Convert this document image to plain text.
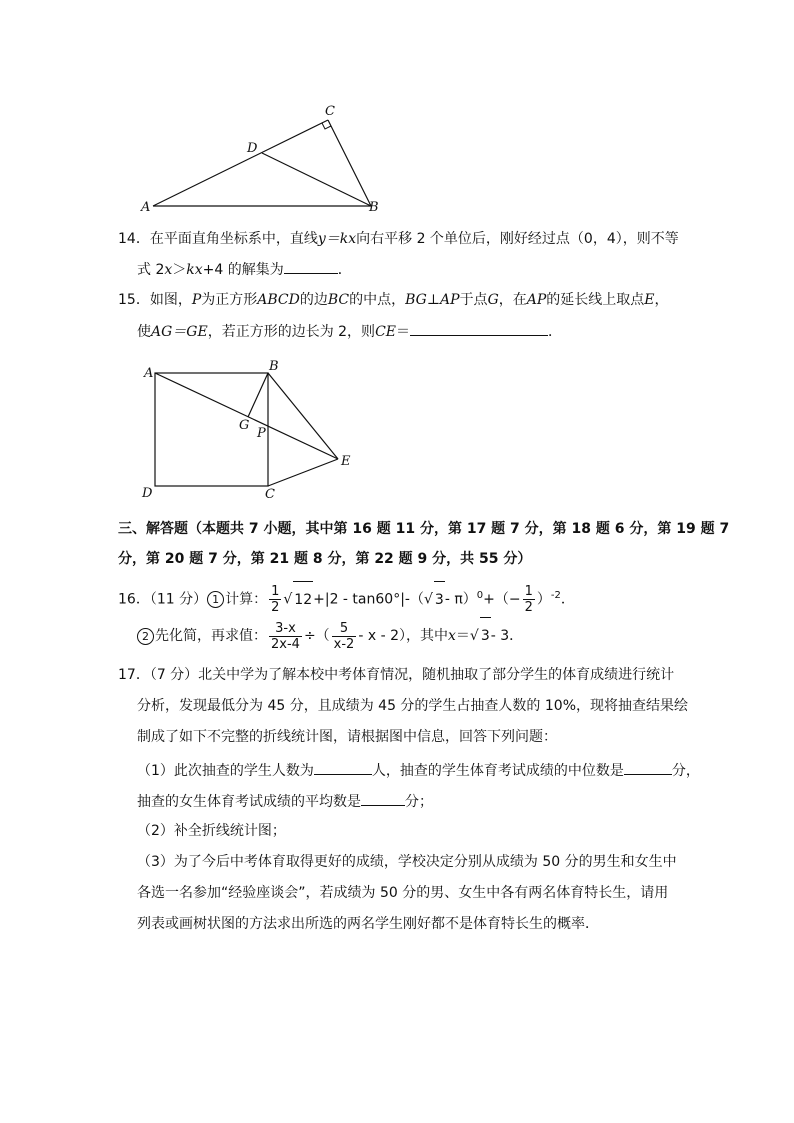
A	B
C
D
14．在平面直角坐标系中，直线y＝kx向右平移 2 个单位后，刚好经过点（0，4），则不等
式 2x＞kx+4 的解集为	．
15．如图，P为正方形ABCD的边BC的中点，BG⊥AP于点G，在AP的延长线上取点E，
使AG＝GE，若正方形的边长为 2，则CE＝	．
A	B
G
P
E
D	C
三、解答题（本题共 7 小题，其中第 16 题 11 分，第 17 题 7 分，第 18 题 6 分，第 19 题 7
分，第 20 题 7 分，第 21 题 8 分，第 22 题 9 分，共 55 分）
16．（11 分） 1 计算： $\frac{1}{2}$ √ 12+|2 - tan60°|-（√ 3- $\pi)^0+(- \frac{1}{2} )^{-2}$．
2 先化简，再求值： $\frac{3-x}{2x-4}$ ÷（ $\frac{5}{x-2}$ - x - 2），其中x＝√ 3- 3．
17．（7 分）北关中学为了解本校中考体育情况，随机抽取了部分学生的体育成绩进行统计
分析，发现最低分为 45 分，且成绩为 45 分的学生占抽查人数的 10%，现将抽查结果绘
制成了如下不完整的折线统计图，请根据图中信息，回答下列问题：
（1）此次抽查的学生人数为	人，抽查的学生体育考试成绩的中位数是	分，
抽查的女生体育考试成绩的平均数是	分；
（2）补全折线统计图；
（3）为了今后中考体育取得更好的成绩，学校决定分别从成绩为 50 分的男生和女生中
各选一名参加“经验座谈会”，若成绩为 50 分的男、女生中各有两名体育特长生，请用
列表或画树状图的方法求出所选的两名学生刚好都不是体育特长生的概率．
